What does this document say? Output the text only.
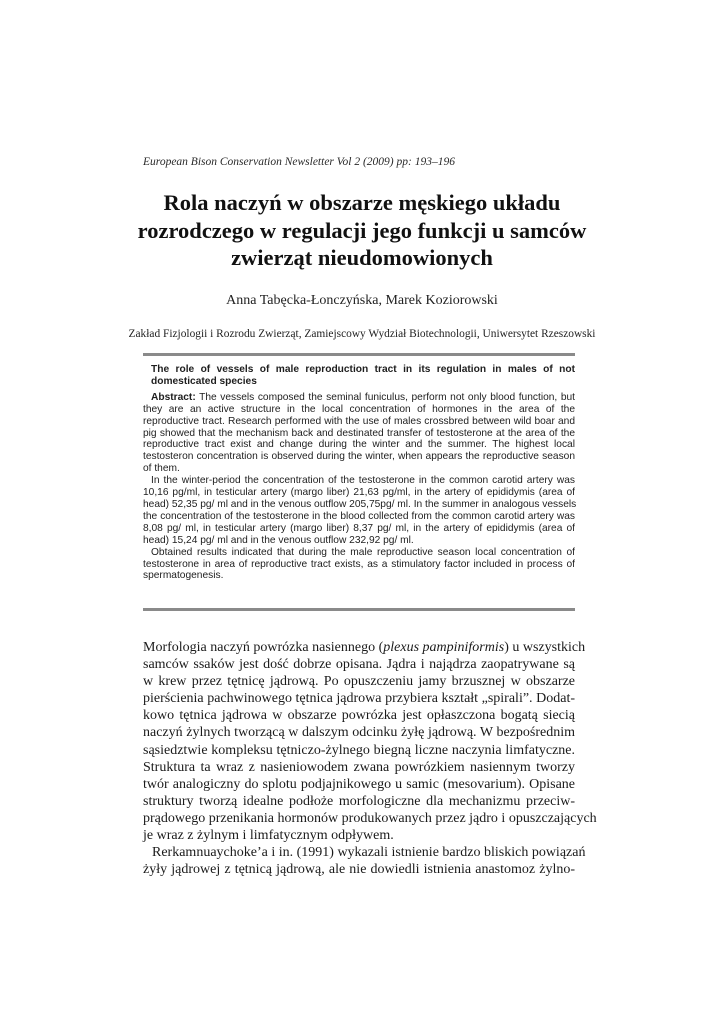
European Bison Conservation Newsletter Vol 2 (2009) pp: 193–196
Rola naczyń w obszarze męskiego układu
rozrodczego w regulacji jego funkcji u samców
zwierząt nieudomowionych
Anna Tabęcka-Łonczyńska, Marek Koziorowski
Zakład Fizjologii i Rozrodu Zwierząt, Zamiejscowy Wydział Biotechnologii, Uniwersytet Rzeszowski
The role of vessels of male reproduction tract in its regulation in males of not
domesticated species
Abstract: The vessels composed the seminal funiculus, perform not only blood function, but
they are an active structure in the local concentration of hormones in the area of the
reproductive tract. Research performed with the use of males crossbred between wild boar and
pig showed that the mechanism back and destinated transfer of testosterone at the area of the
reproductive tract exist and change during the winter and the summer. The highest local
testosteron concentration is observed during the winter, when appears the reproductive season
of them.
In the winter-period the concentration of the testosterone in the common carotid artery was
10,16 pg/ml, in testicular artery (margo liber) 21,63 pg/ml, in the artery of epididymis (area of
head) 52,35 pg/ ml and in the venous outflow 205,75pg/ ml. In the summer in analogous vessels
the concentration of the testosterone in the blood collected from the common carotid artery was
8,08 pg/ ml, in testicular artery (margo liber) 8,37 pg/ ml, in the artery of epididymis (area of
head) 15,24 pg/ ml and in the venous outflow 232,92 pg/ ml.
Obtained results indicated that during the male reproductive season local concentration of
testosterone in area of reproductive tract exists, as a stimulatory factor included in process of
spermatogenesis.
Morfologia naczyń powrózka nasiennego (plexus pampiniformis) u wszystkich
samców ssaków jest dość dobrze opisana. Jądra i najądrza zaopatrywane są
w krew przez tętnicę jądrową. Po opuszczeniu jamy brzusznej w obszarze
pierścienia pachwinowego tętnica jądrowa przybiera kształt „spirali”. Dodat-
kowo tętnica jądrowa w obszarze powrózka jest opłaszczona bogatą siecią
naczyń żylnych tworzącą w dalszym odcinku żyłę jądrową. W bezpośrednim
sąsiedztwie kompleksu tętniczo-żylnego biegną liczne naczynia limfatyczne.
Struktura ta wraz z nasieniowodem zwana powrózkiem nasiennym tworzy
twór analogiczny do splotu podjajnikowego u samic (mesovarium). Opisane
struktury tworzą idealne podłoże morfologiczne dla mechanizmu przeciw-
prądowego przenikania hormonów produkowanych przez jądro i opuszczających
je wraz z żylnym i limfatycznym odpływem.
Rerkamnuaychoke’a i in. (1991) wykazali istnienie bardzo bliskich powiązań
żyły jądrowej z tętnicą jądrową, ale nie dowiedli istnienia anastomoz żylno-
